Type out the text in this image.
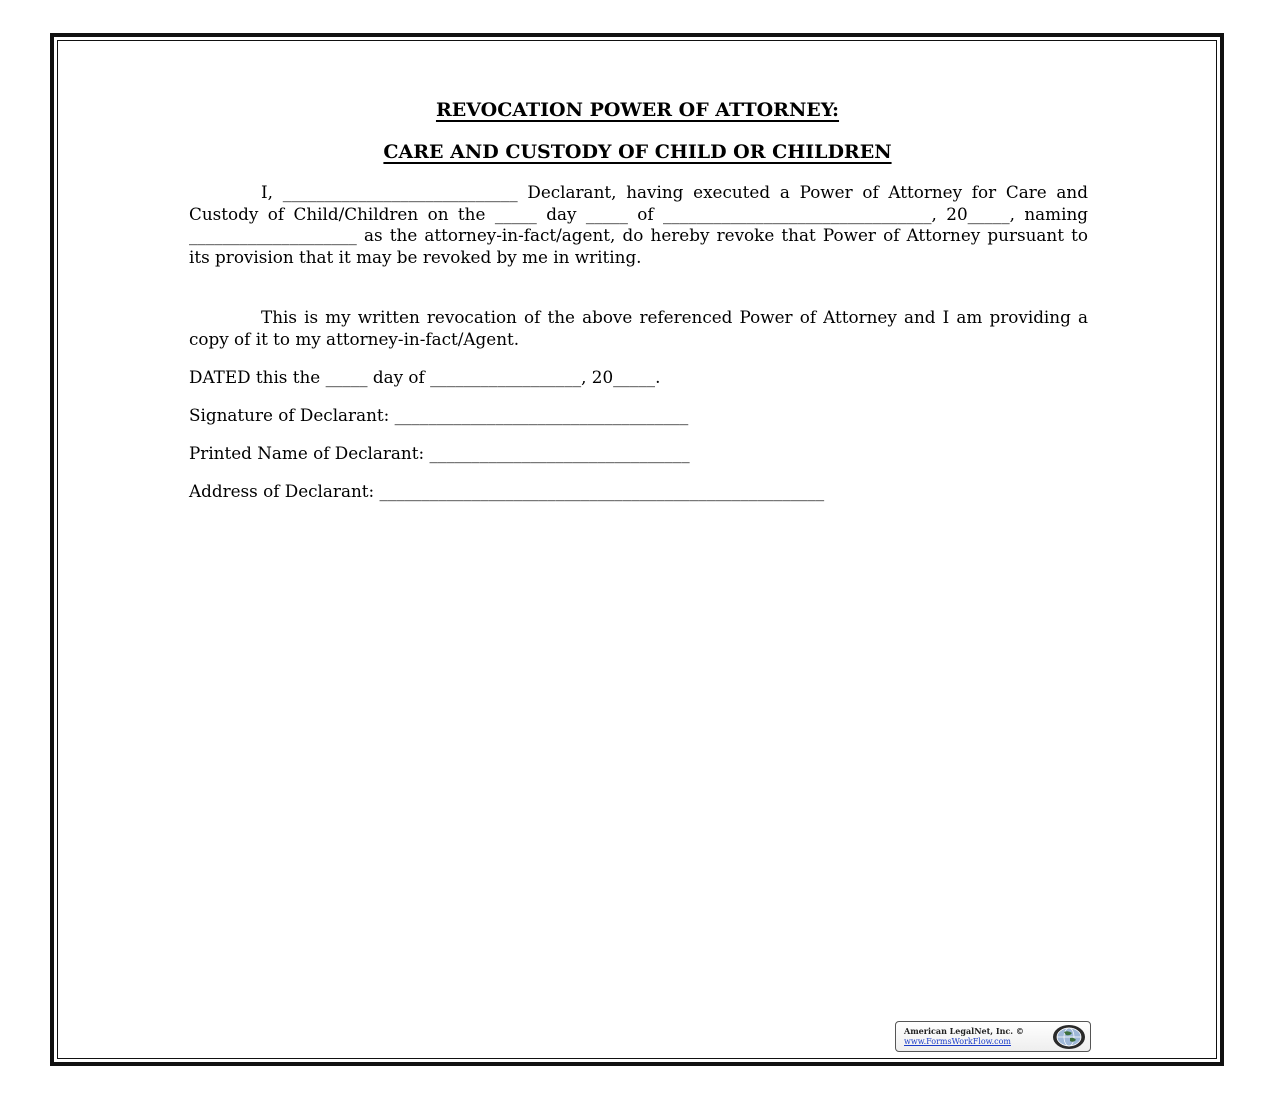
REVOCATION POWER OF ATTORNEY:
CARE AND CUSTODY OF CHILD OR CHILDREN

I, ____________________________ Declarant, having executed a Power of Attorney for Care and Custody of Child/Children on the _____ day _____ of ________________________________, 20_____, naming ____________________ as the attorney-in-fact/agent, do hereby revoke that Power of Attorney pursuant to its provision that it may be revoked by me in writing.

This is my written revocation of the above referenced Power of Attorney and I am providing a copy of it to my attorney-in-fact/Agent.

DATED this the _____ day of __________________, 20_____.

Signature of Declarant: ___________________________________

Printed Name of Declarant: _______________________________

Address of Declarant: _____________________________________________________

American LegalNet, Inc. ©
www.FormsWorkFlow.com
